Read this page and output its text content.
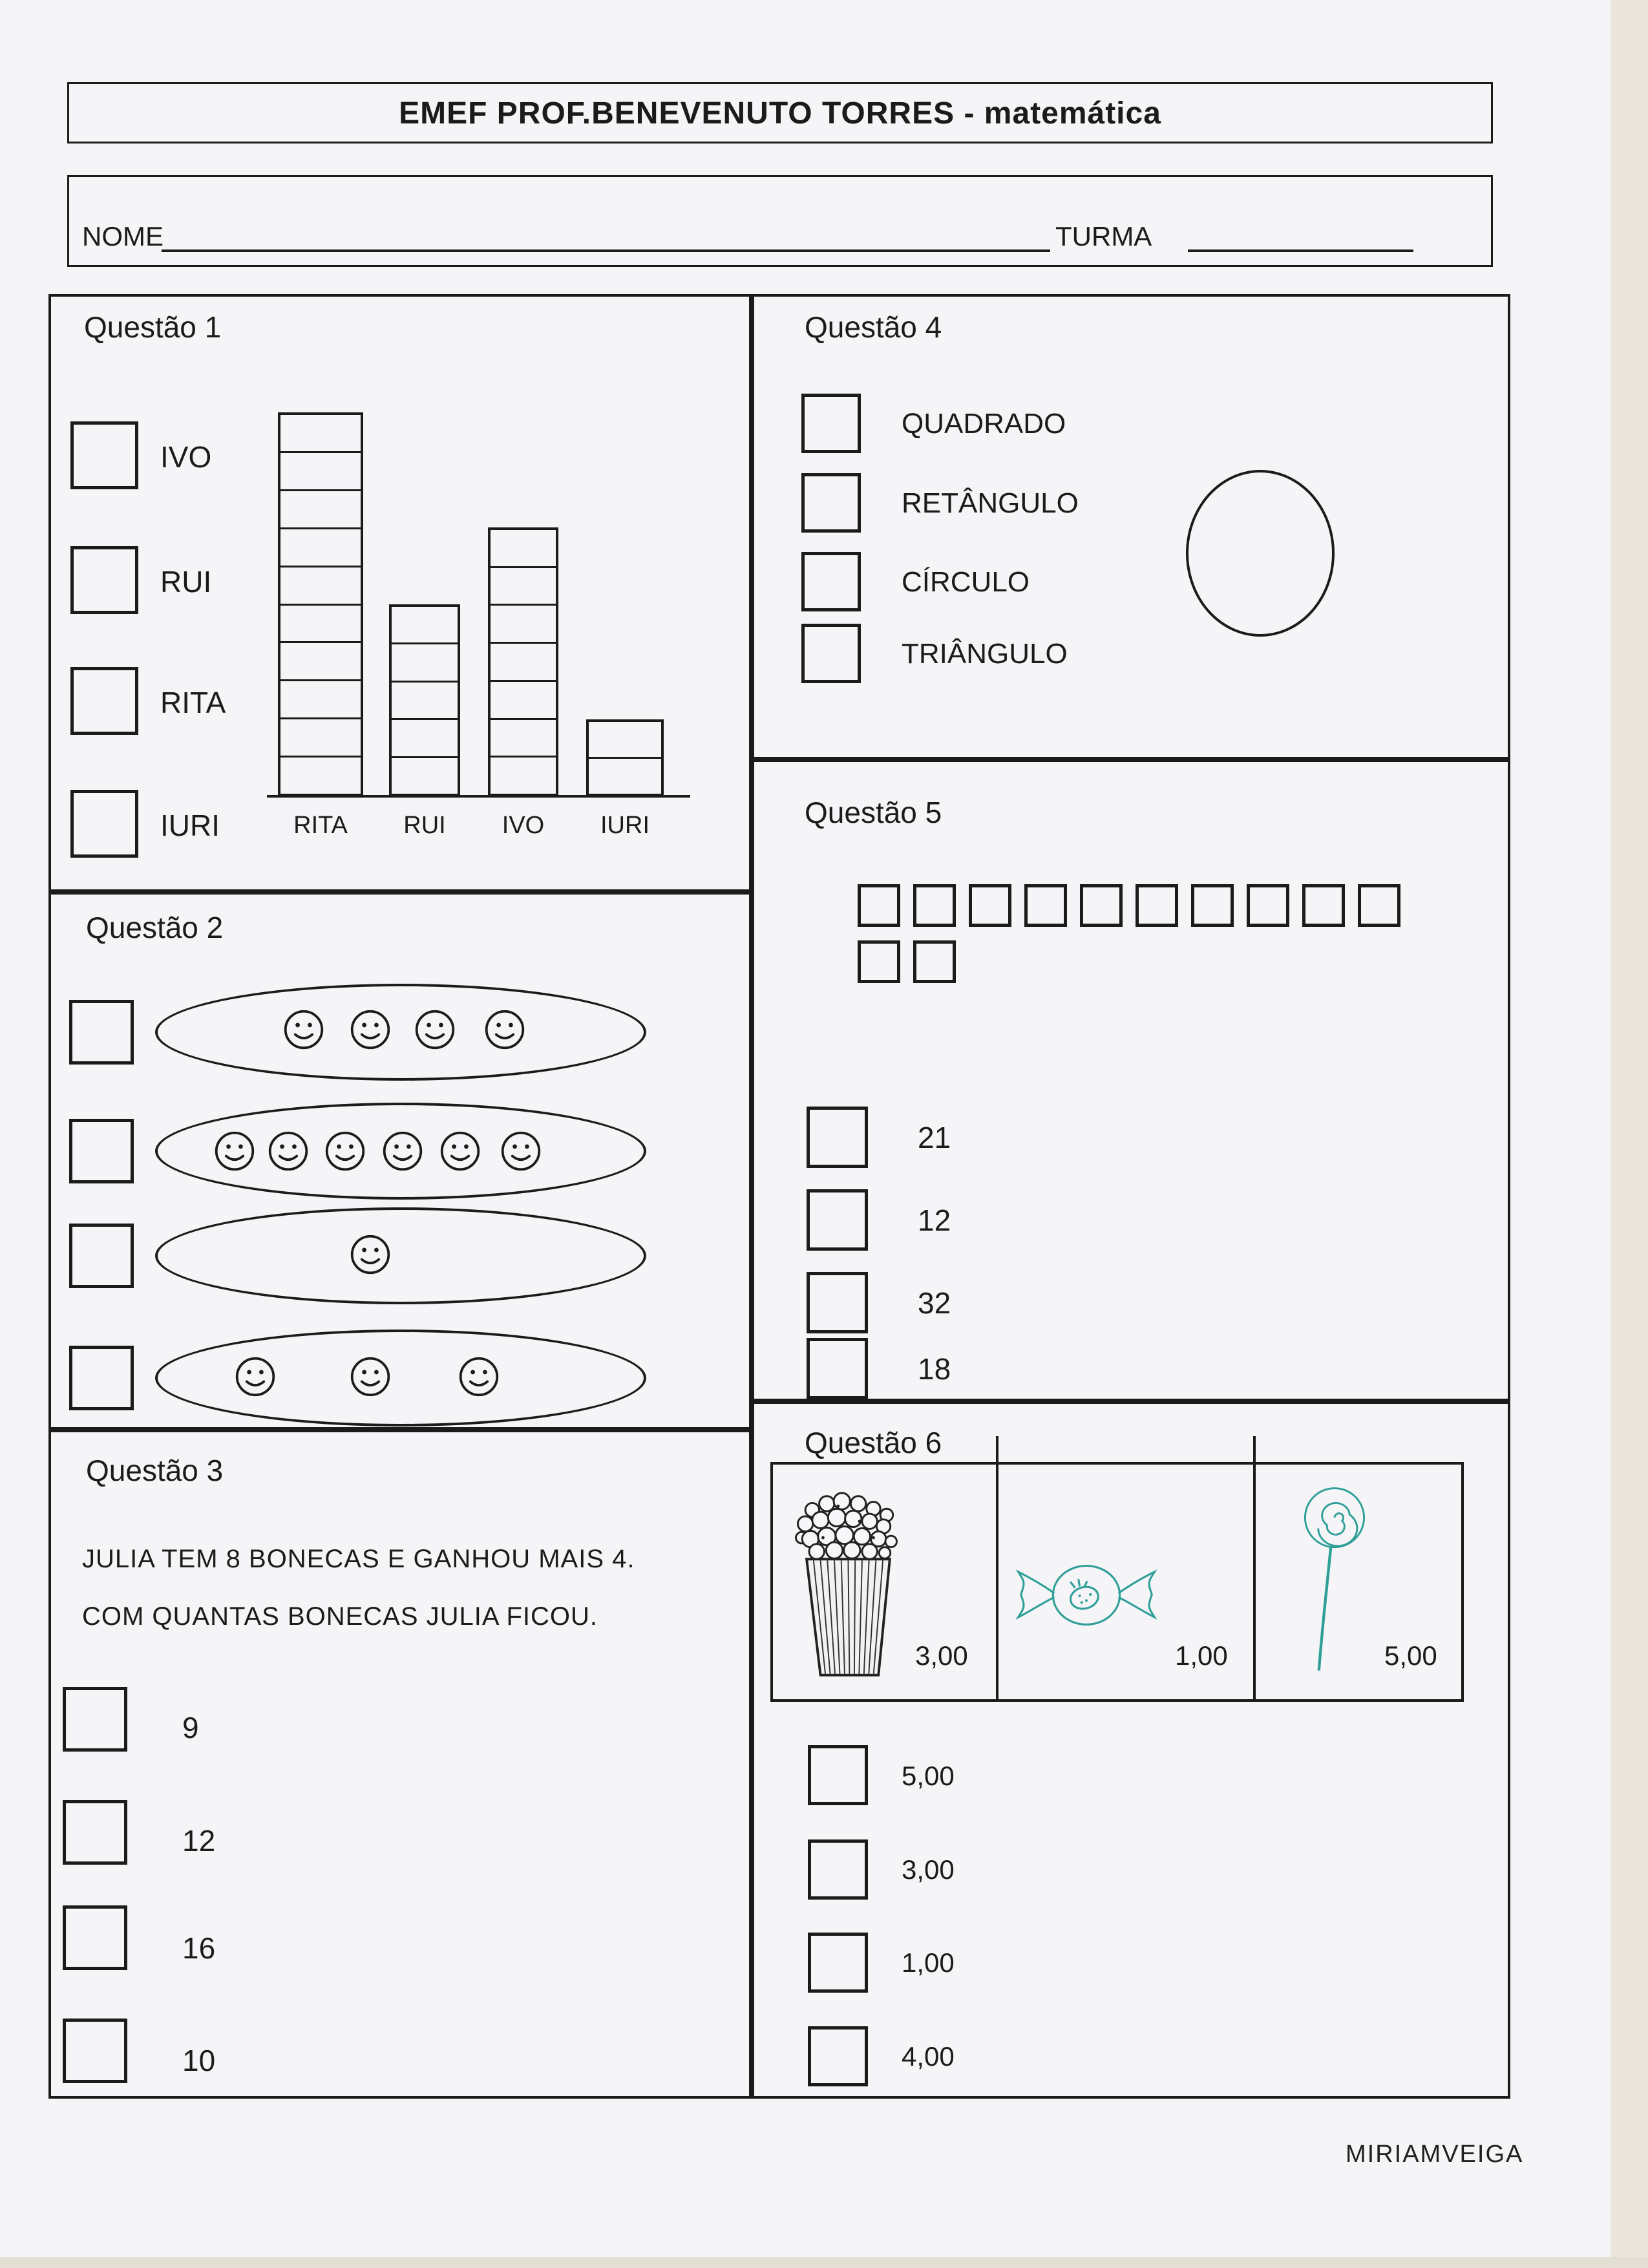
EMEF PROF.BENEVENUTO TORRES - matemática
NOME	TURMA
Questão 1
Questão 2
Questão 3
Questão 4
Questão 5
Questão 6
IVO
RUI
RITA
IURI	RITA	RUI	IVO	IURI
JULIA TEM 8 BONECAS E GANHOU MAIS 4.
COM QUANTAS BONECAS JULIA FICOU.
9
12
16
10
QUADRADO
RETÂNGULO
CÍRCULO
TRIÂNGULO
21
12
32
18
3,00	1,00	5,00
5,00
3,00
1,00
4,00
MIRIAMVEIGA
